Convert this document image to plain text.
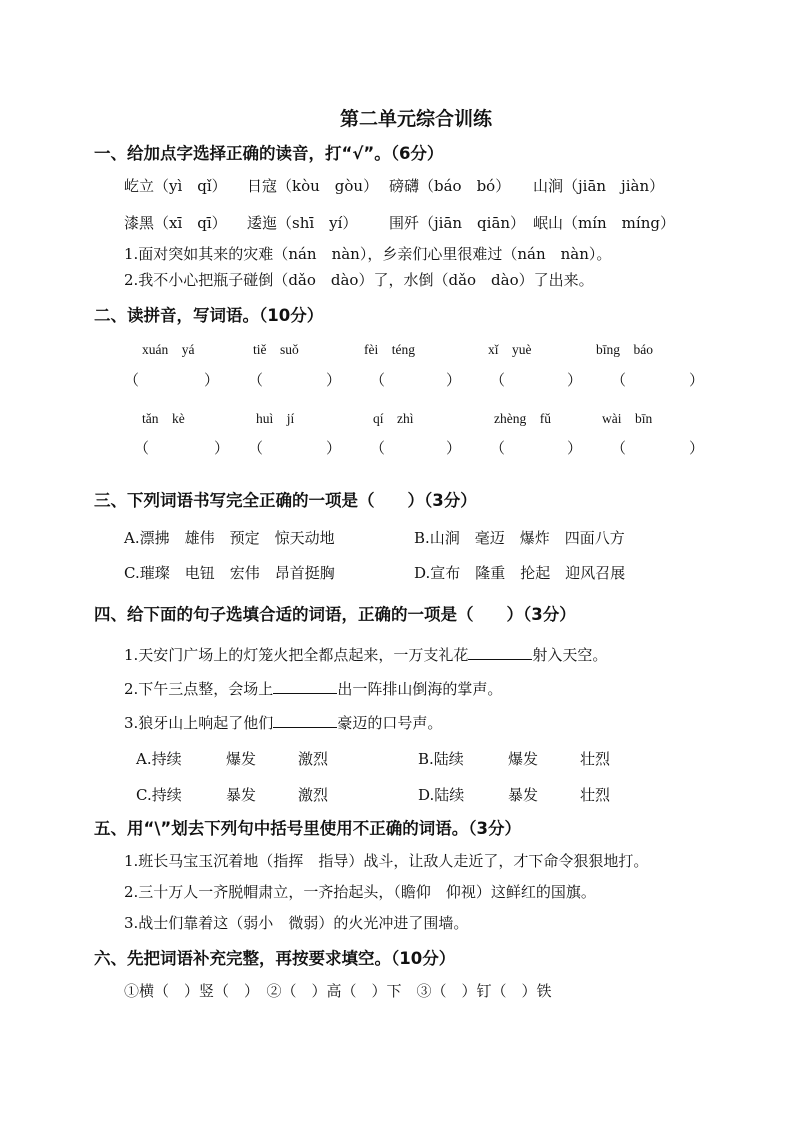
第二单元综合训练
一、给加点字选择正确的读音，打“√”。（6分）
屹立（yì　qǐ） 日寇（kòu　gòu） 磅礴（báo　bó） 山涧（jiān　jiàn）
漆黑（xī　qī） 逶迤（shī　yí） 围歼（jiān　qiān） 岷山（mín　míng）
1.面对突如其来的灾难（nán　nàn），乡亲们心里很难过（nán　nàn）。
2.我不小心把瓶子碰倒（dǎo　dào）了，水倒（dǎo　dào）了出来。
二、读拼音，写词语。（10分）
xuán　yá	tiě　suǒ	fèi　téng	xǐ　yuè	bīng　báo
（	） （	） （	） （	） （	）
tǎn　kè	huì　jí	qí　zhì	zhèng　fǔ	wài　bīn
（	） （	） （	） （	） （	）
三、下列词语书写完全正确的一项是（　　）（3分）
A.漂拂　雄伟　预定　惊天动地	B.山涧　毫迈　爆炸　四面八方
C.璀璨　电钮　宏伟　昂首挺胸	D.宣布　隆重　抡起　迎风召展
四、给下面的句子选填合适的词语，正确的一项是（　　）（3分）
1.天安门广场上的灯笼火把全都点起来，一万支礼花	射入天空。
2.下午三点整，会场上	出一阵排山倒海的掌声。
3.狼牙山上响起了他们	豪迈的口号声。
A.持续	爆发	激烈	B.陆续	爆发	壮烈
C.持续	暴发	激烈	D.陆续	暴发	壮烈
五、用“\”划去下列句中括号里使用不正确的词语。（3分）
1.班长马宝玉沉着地（指挥　指导）战斗，让敌人走近了，才下命令狠狠地打。
2.三十万人一齐脱帽肃立，一齐抬起头，（瞻仰　仰视）这鲜红的国旗。
3.战士们靠着这（弱小　微弱）的火光冲进了围墙。
六、先把词语补充完整，再按要求填空。（10分）
①横（　）竖（　）　②（　）高（　）下　③（　）钉（　）铁
